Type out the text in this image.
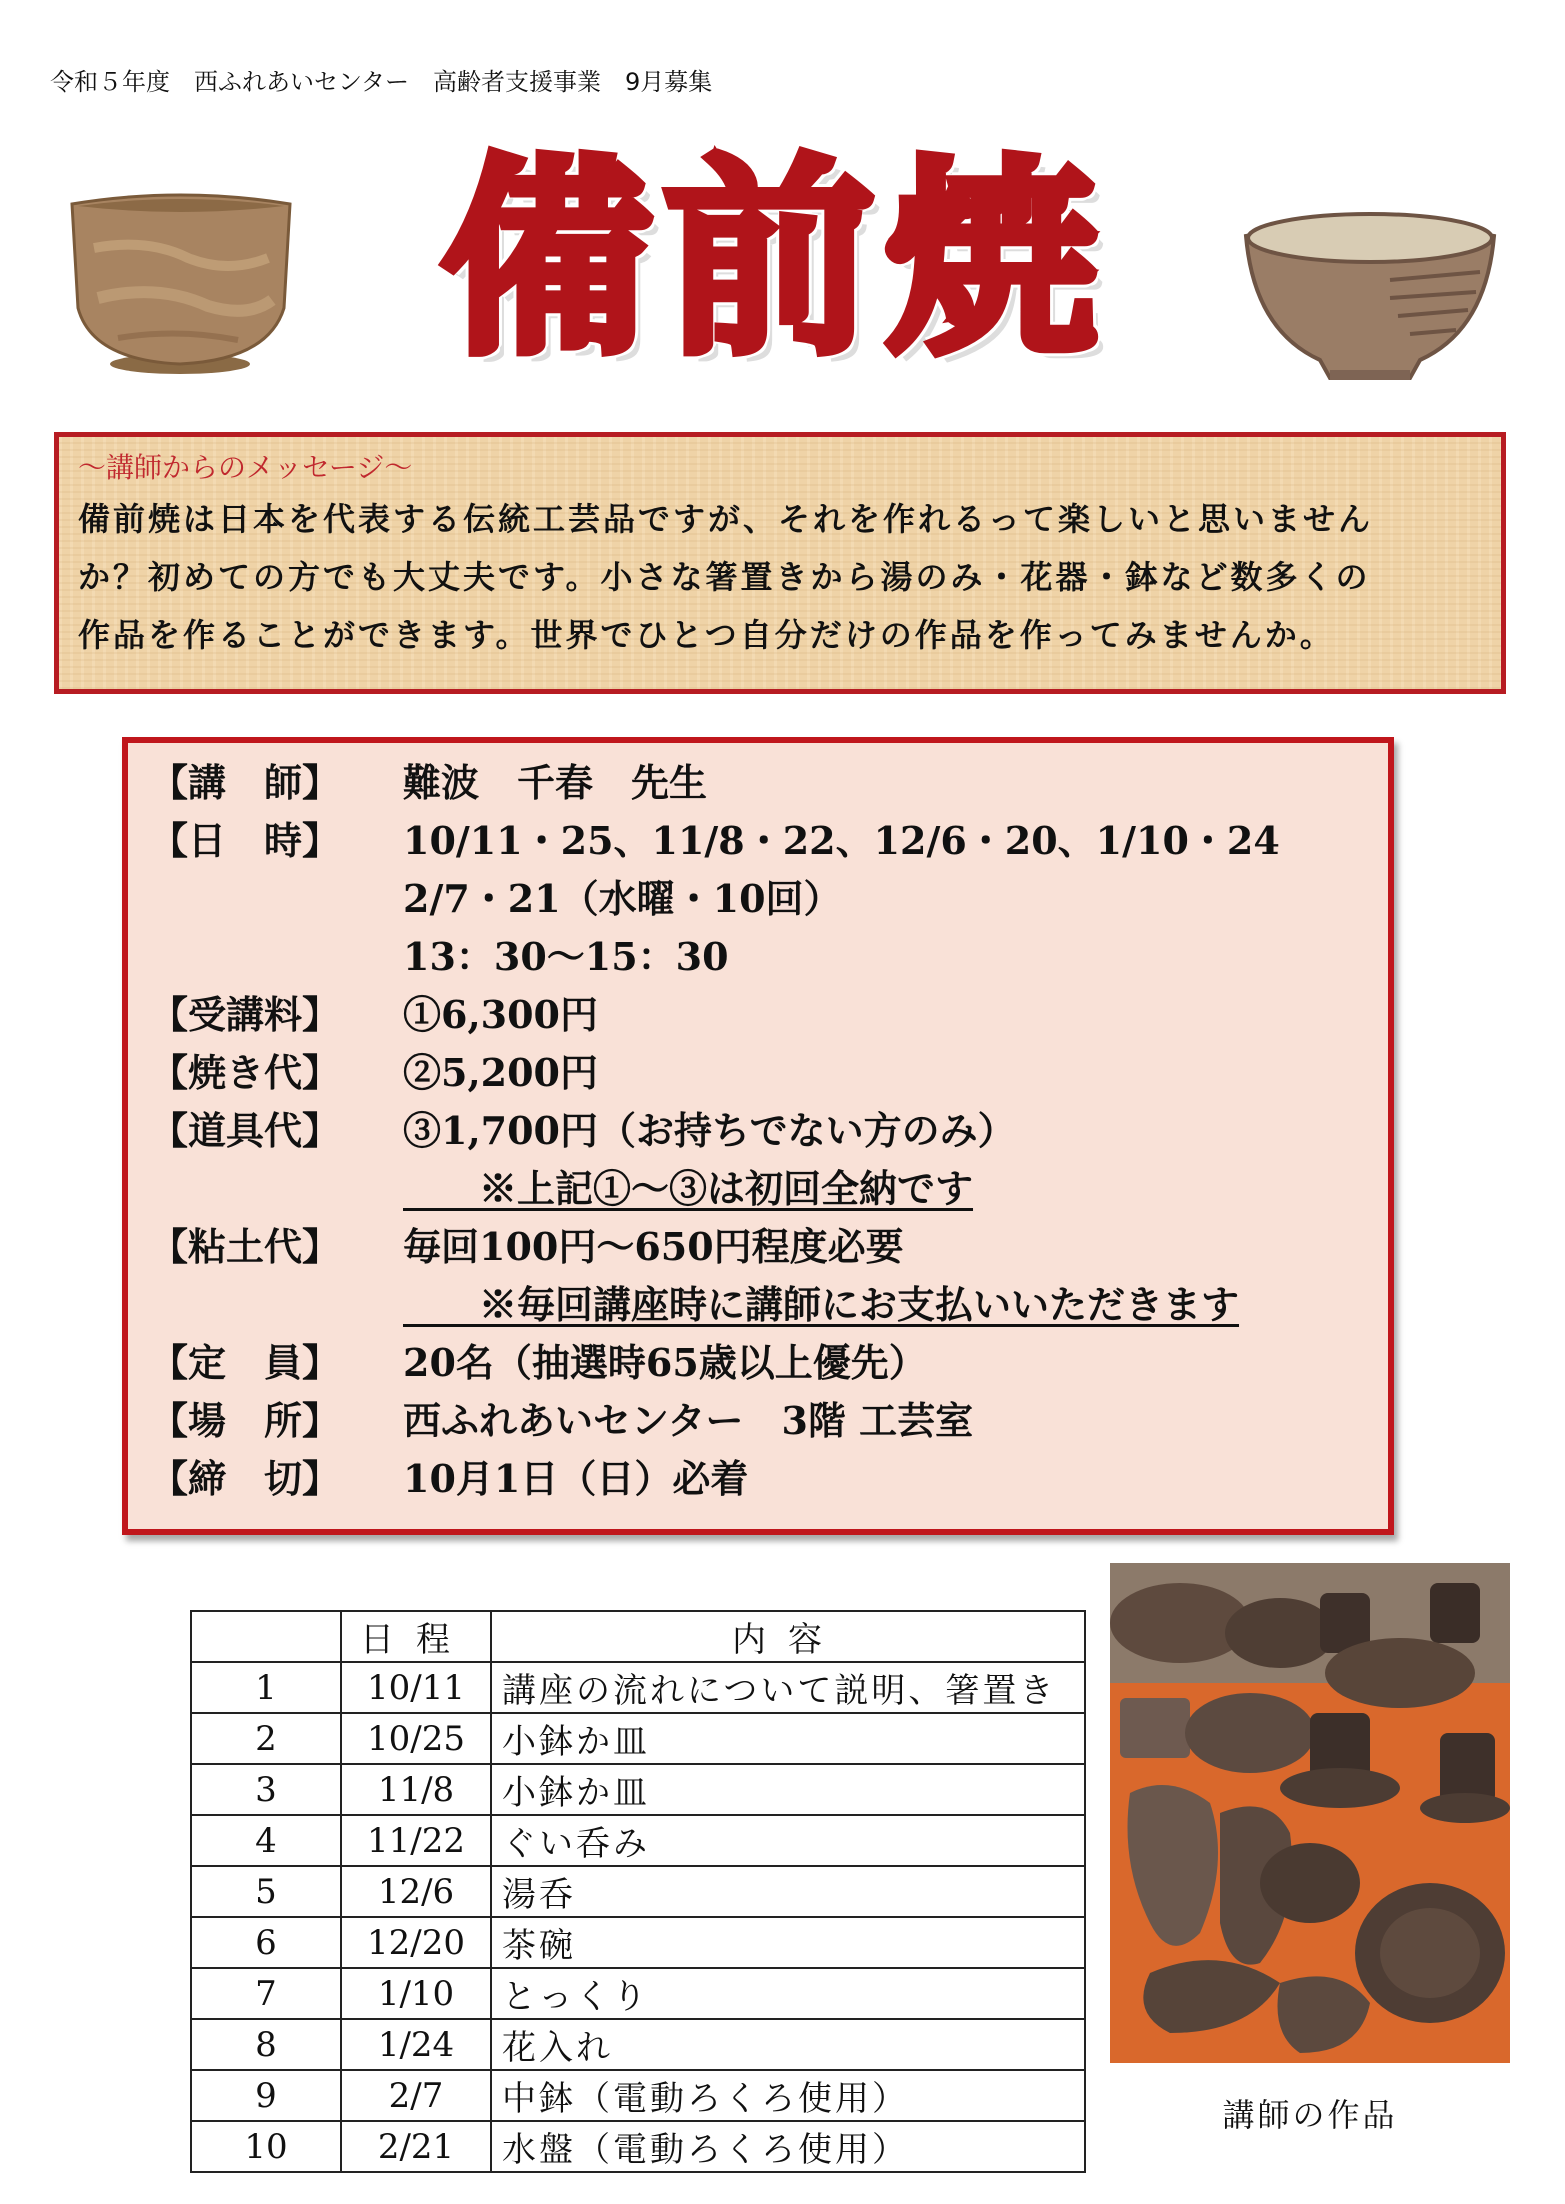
令和５年度　西ふれあいセンター　高齢者支援事業　9月募集
備前焼
～講師からのメッセージ～
備前焼は日本を代表する伝統工芸品ですが、それを作れるって楽しいと思いません
か？初めての方でも大丈夫です。小さな箸置きから湯のみ・花器・鉢など数多くの
作品を作ることができます。世界でひとつ自分だけの作品を作ってみませんか。
【講　師】 難波　千春　先生
【日　時】 10/11・25、11/8・22、12/6・20、1/10・24
2/7・21（水曜・10回）
13：30～15：30
【受講料】 ①6,300円
【焼き代】 ②5,200円
【道具代】 ③1,700円（お持ちでない方のみ）
　　※上記①～③は初回全納です
【粘土代】 毎回100円～650円程度必要
　　※毎回講座時に講師にお支払いいただきます
【定　員】 20名（抽選時65歳以上優先）
【場　所】 西ふれあいセンター　3階 工芸室
【締　切】 10月1日（日）必着
	日程	内容
1	10/11	講座の流れについて説明、箸置き
2	10/25	小鉢か皿
3	11/8	小鉢か皿
4	11/22	ぐい呑み
5	12/6	湯呑
6	12/20	茶碗
7	1/10	とっくり
8	1/24	花入れ
9	2/7	中鉢（電動ろくろ使用）
10	2/21	水盤（電動ろくろ使用）
講師の作品
